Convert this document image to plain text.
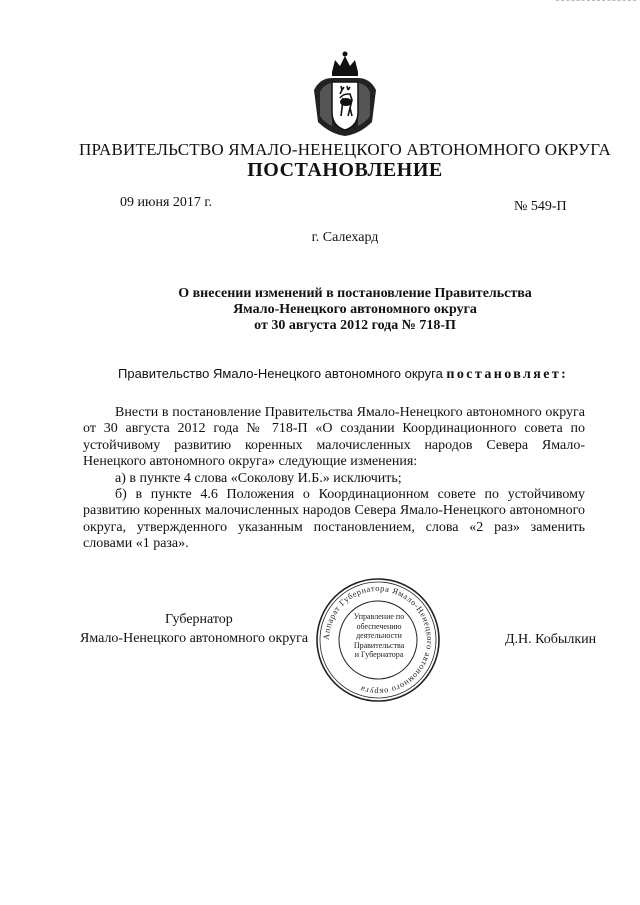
ПРАВИТЕЛЬСТВО ЯМАЛО-НЕНЕЦКОГО АВТОНОМНОГО ОКРУГА
ПОСТАНОВЛЕНИЕ
09 июня 2017 г.	№ 549-П
г. Салехард
О внесении изменений в постановление Правительства
Ямало-Ненецкого автономного округа
от 30 августа 2012 года № 718-П
Правительство Ямало-Ненецкого автономного округа постановляет:

Внести в постановление Правительства Ямало-Ненецкого автономного округа от 30 августа 2012 года № 718-П «О создании Координационного совета по устойчивому развитию коренных малочисленных народов Севера Ямало-Ненецкого автономного округа» следующие изменения:

а) в пункте 4 слова «Соколову И.Б.» исключить;

б) в пункте 4.6 Положения о Координационном совете по устойчивому развитию коренных малочисленных народов Севера Ямало-Ненецкого автономного округа, утвержденного указанным постановлением, слова «2 раз» заменить словами «1 раза».

Аппарат Губернатора Ямало-Ненецкого автономного округа
Управление по
обеспечению
деятельности
Правительства
и Губернатора
Губернатор
Ямало-Ненецкого автономного округа	Д.Н. Кобылкин
